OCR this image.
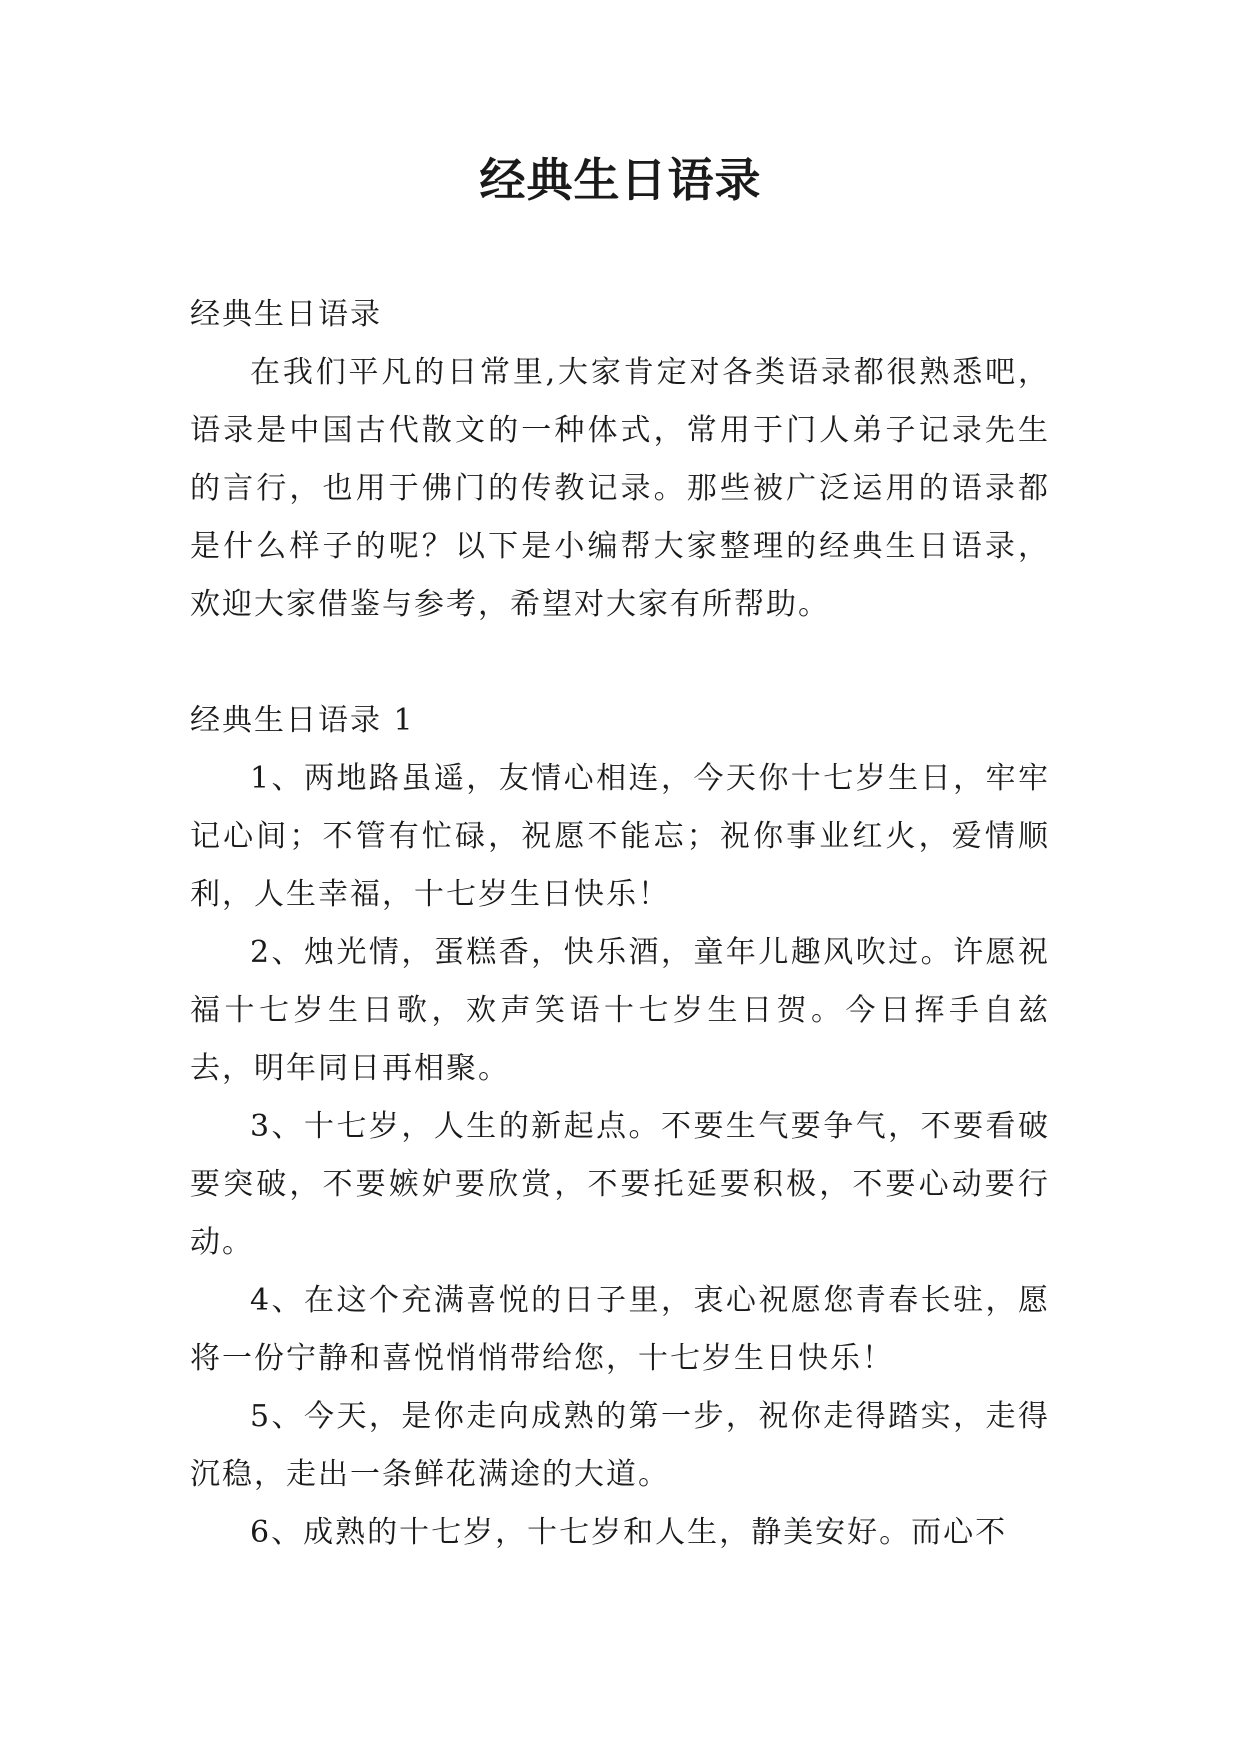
经典生日语录

经典生日语录

在我们平凡的日常里,大家肯定对各类语录都很熟悉吧，语录是中国古代散文的一种体式，常用于门人弟子记录先生的言行，也用于佛门的传教记录。那些被广泛运用的语录都是什么样子的呢？以下是小编帮大家整理的经典生日语录，欢迎大家借鉴与参考，希望对大家有所帮助。

经典生日语录 1

1、两地路虽遥，友情心相连，今天你十七岁生日，牢牢记心间；不管有忙碌，祝愿不能忘；祝你事业红火，爱情顺利，人生幸福，十七岁生日快乐！

2、烛光情，蛋糕香，快乐酒，童年儿趣风吹过。许愿祝福十七岁生日歌，欢声笑语十七岁生日贺。今日挥手自兹去，明年同日再相聚。

3、十七岁，人生的新起点。不要生气要争气，不要看破要突破，不要嫉妒要欣赏，不要托延要积极，不要心动要行动。

4、在这个充满喜悦的日子里，衷心祝愿您青春长驻，愿将一份宁静和喜悦悄悄带给您，十七岁生日快乐！

5、今天，是你走向成熟的第一步，祝你走得踏实，走得沉稳，走出一条鲜花满途的大道。

6、成熟的十七岁，十七岁和人生，静美安好。而心不
